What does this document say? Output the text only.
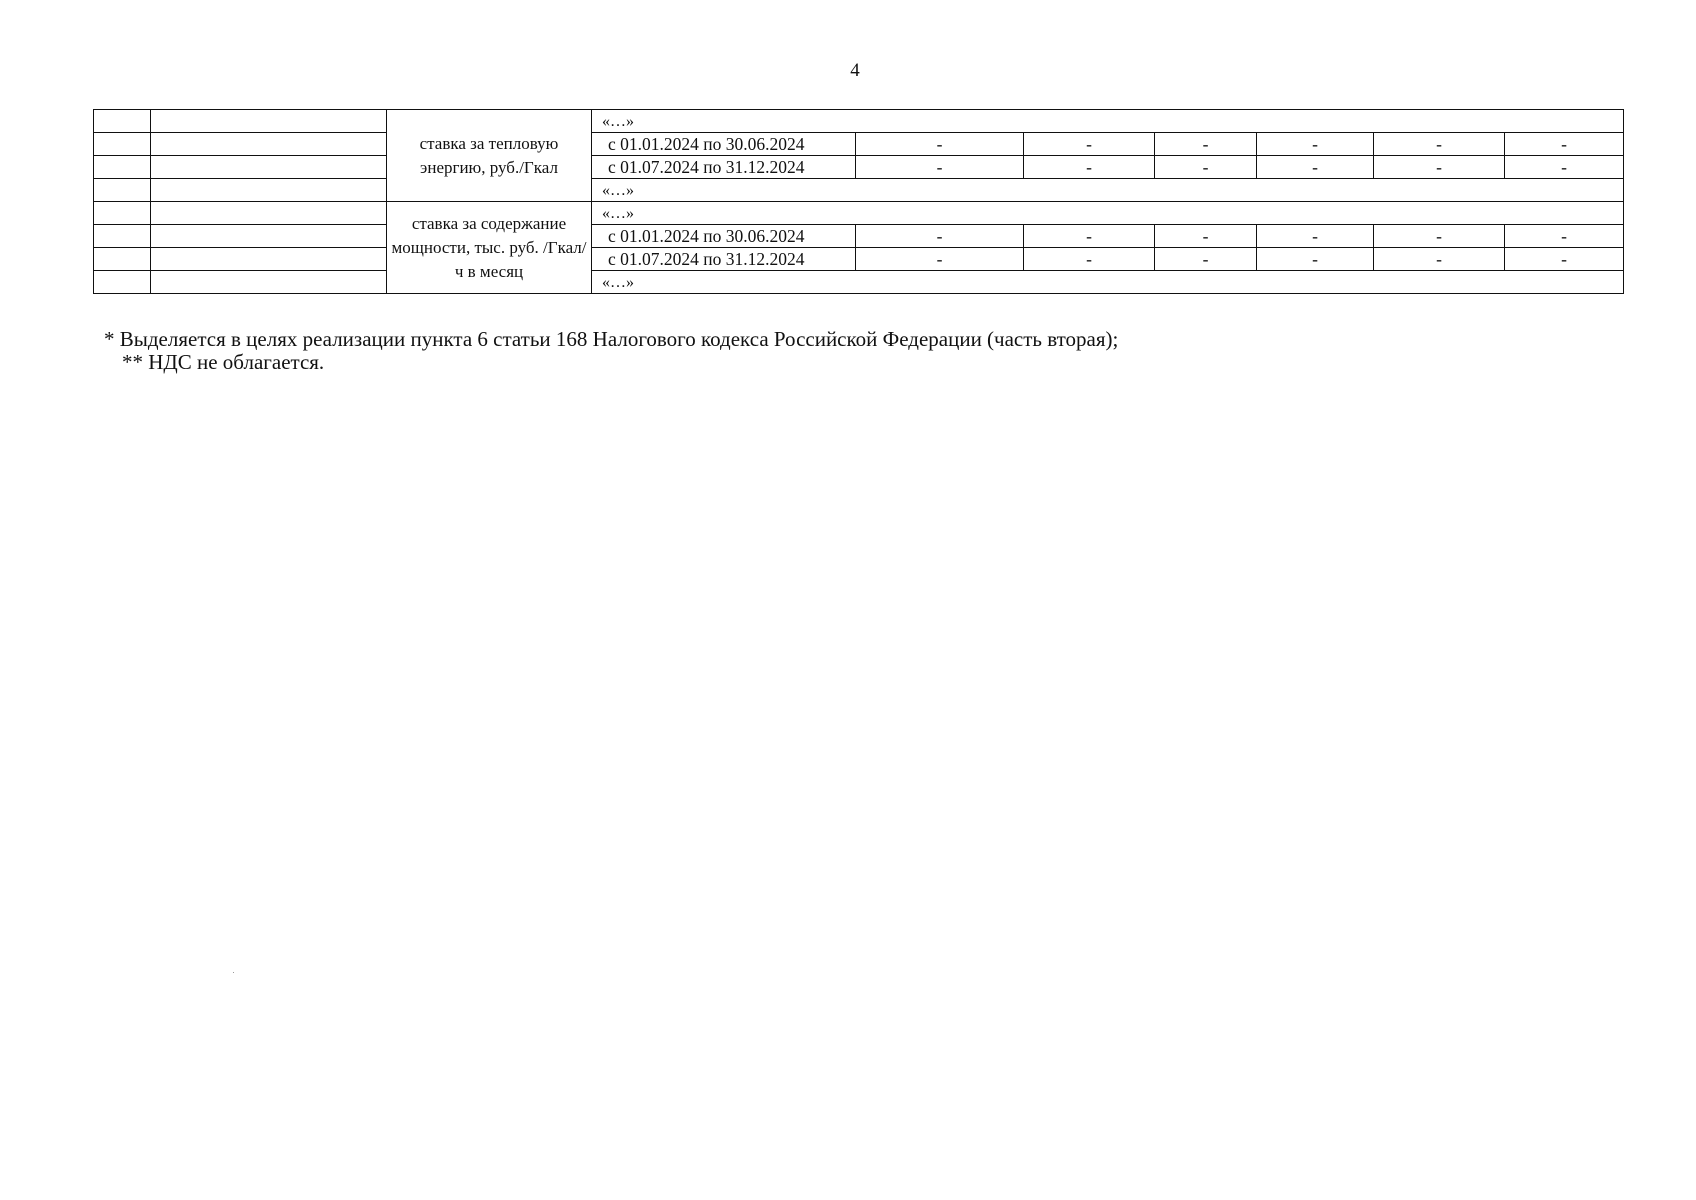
4
		ставка за тепловую энергию, руб./Гкал	«…»						
			с 01.01.2024 по 30.06.2024	-	-	-	-	-	-
			с 01.07.2024 по 31.12.2024	-	-	-	-	-	-
			«…»						
		ставка за содержание мощности, тыс. руб. /Гкал/ч в месяц	«…»						
			с 01.01.2024 по 30.06.2024	-	-	-	-	-	-
			с 01.07.2024 по 31.12.2024	-	-	-	-	-	-
			«…»						
* Выделяется в целях реализации пункта 6 статьи 168 Налогового кодекса Российской Федерации (часть вторая);
** НДС не облагается.
